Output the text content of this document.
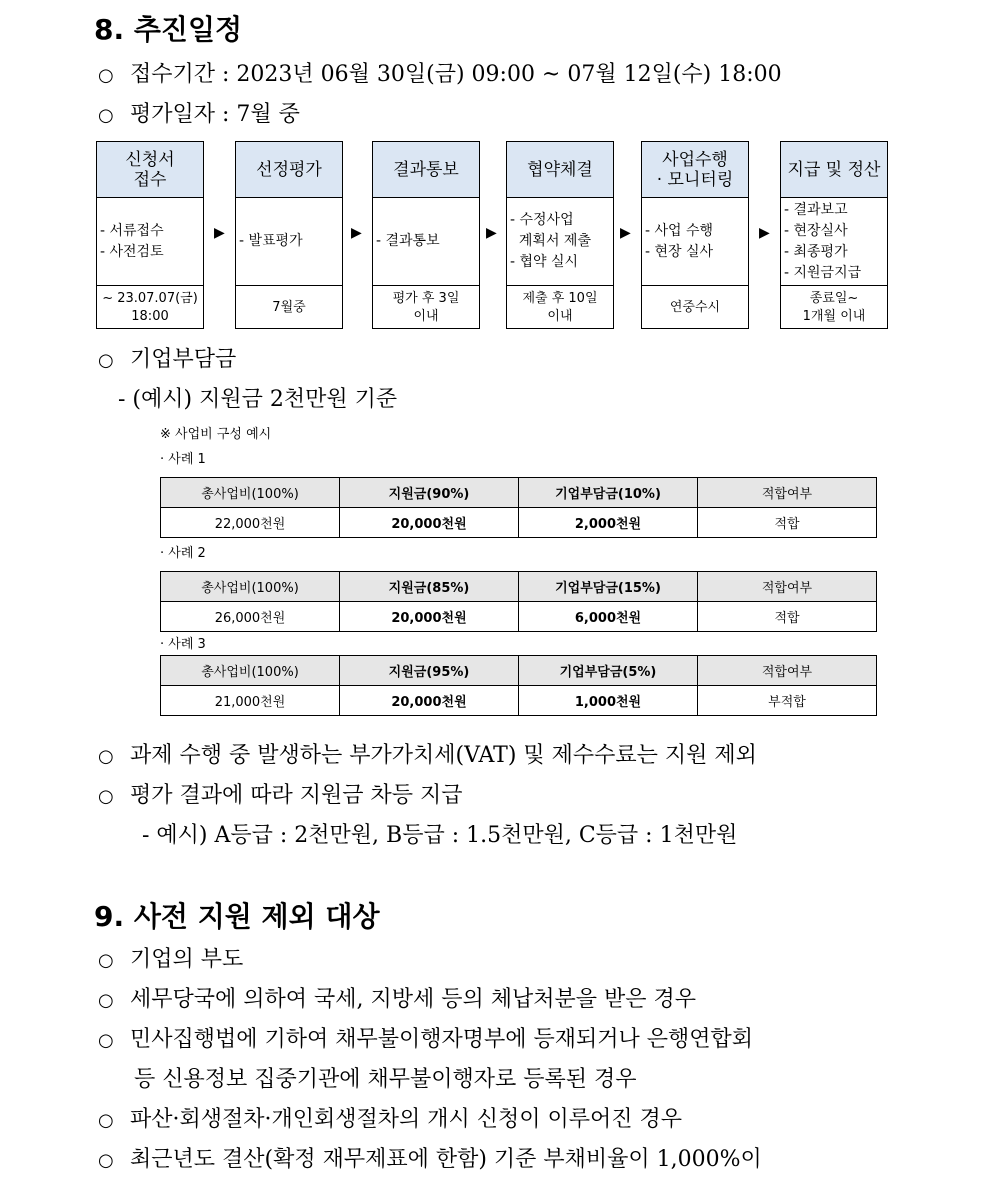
8. 추진일정
○ 접수기간 : 2023년 06월 30일(금) 09:00 ~ 07월 12일(수) 18:00
○ 평가일자 : 7월 중
신청서
접수
- 서류접수
- 사전검토
~ 23.07.07(금)
18:00
▶
선정평가
- 발표평가
7월중
▶
결과통보
- 결과통보
평가 후 3일
이내
▶
협약체결
- 수정사업
계획서 제출
- 협약 실시
제출 후 10일
이내
▶
사업수행
· 모니터링
- 사업 수행
- 현장 실사
연중수시
▶
지급 및 정산
- 결과보고
- 현장실사
- 최종평가
- 지원금지급
종료일~
1개월 이내
○ 기업부담금
- (예시) 지원금 2천만원 기준
※ 사업비 구성 예시
· 사례 1
총사업비(100%)	지원금(90%)	기업부담금(10%)	적합여부
22,000천원	20,000천원	2,000천원	적합
· 사례 2
총사업비(100%)	지원금(85%)	기업부담금(15%)	적합여부
26,000천원	20,000천원	6,000천원	적합
· 사례 3
총사업비(100%)	지원금(95%)	기업부담금(5%)	적합여부
21,000천원	20,000천원	1,000천원	부적합
○ 과제 수행 중 발생하는 부가가치세(VAT) 및 제수수료는 지원 제외
○ 평가 결과에 따라 지원금 차등 지급
- 예시) A등급 : 2천만원, B등급 : 1.5천만원, C등급 : 1천만원
9. 사전 지원 제외 대상
○ 기업의 부도
○ 세무당국에 의하여 국세, 지방세 등의 체납처분을 받은 경우
○ 민사집행법에 기하여 채무불이행자명부에 등재되거나 은행연합회
등 신용정보 집중기관에 채무불이행자로 등록된 경우
○ 파산·회생절차·개인회생절차의 개시 신청이 이루어진 경우
○ 최근년도 결산(확정 재무제표에 한함) 기준 부채비율이 1,000%이
